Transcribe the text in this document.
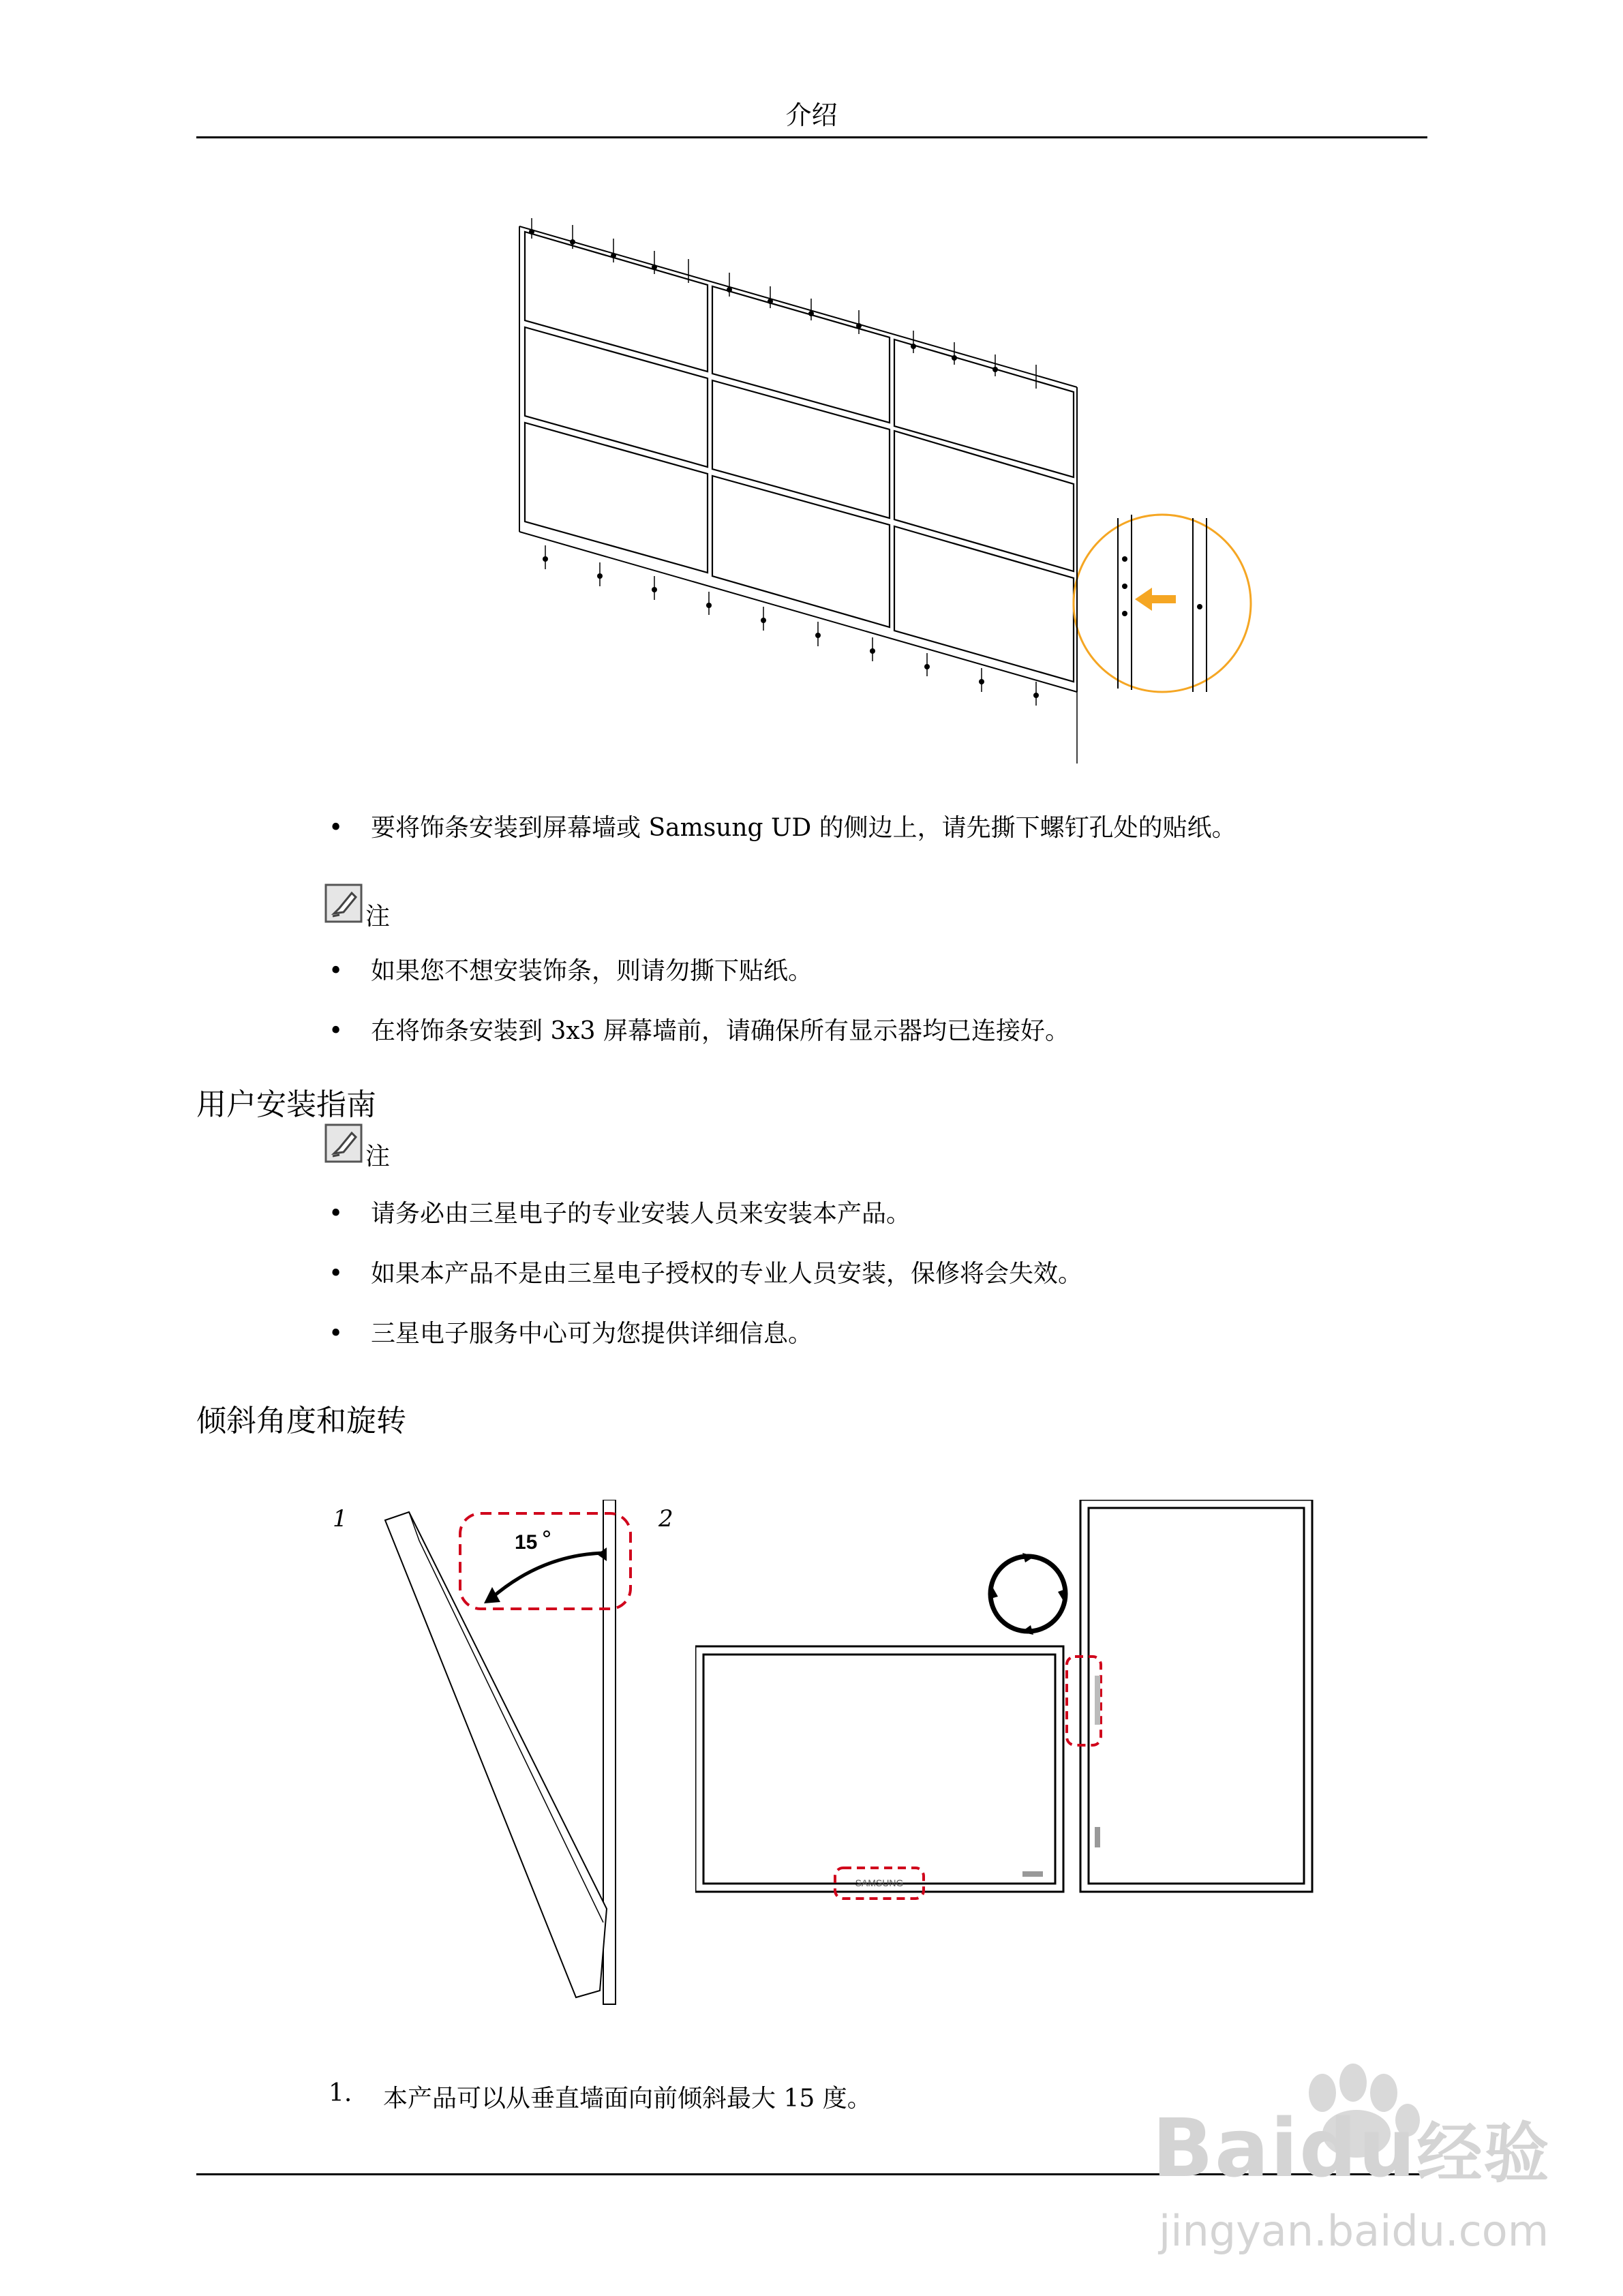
介绍
• 要将饰条安装到屏幕墙或 Samsung UD 的侧边上，请先撕下螺钉孔处的贴纸。
注
• 如果您不想安装饰条，则请勿撕下贴纸。
• 在将饰条安装到 3x3 屏幕墙前，请确保所有显示器均已连接好。
用户安装指南
注
• 请务必由三星电子的专业安装人员来安装本产品。
• 如果本产品不是由三星电子授权的专业人员安装，保修将会失效。
• 三星电子服务中心可为您提供详细信息。
倾斜角度和旋转
1	2
15
SAMSUNG
1. 本产品可以从垂直墙面向前倾斜最大 15 度。
Baidu经验
jingyan.baidu.com
